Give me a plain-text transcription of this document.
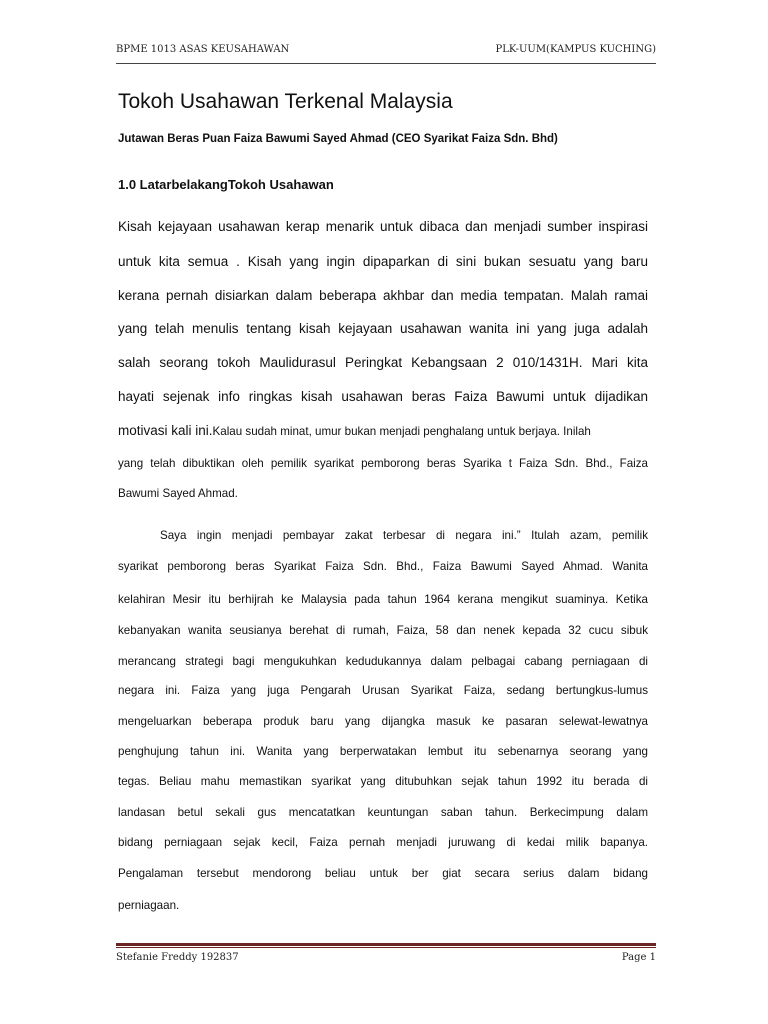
BPME 1013 ASAS KEUSAHAWAN	PLK-UUM(KAMPUS KUCHING)
Tokoh Usahawan Terkenal Malaysia
Jutawan Beras Puan Faiza Bawumi Sayed Ahmad (CEO Syarikat Faiza Sdn. Bhd)
1.0 LatarbelakangTokoh Usahawan
Kisah kejayaan usahawan kerap menarik untuk dibaca dan menjadi sumber inspirasi
untuk kita semua . Kisah yang ingin dipaparkan di sini bukan sesuatu yang baru
kerana pernah disiarkan dalam beberapa akhbar dan media tempatan. Malah ramai
yang telah menulis tentang kisah kejayaan usahawan wanita ini yang juga adalah
salah seorang tokoh Maulidurasul Peringkat Kebangsaan 2 010/1431H. Mari kita
hayati sejenak info ringkas kisah usahawan beras Faiza Bawumi untuk dijadikan
motivasi kali ini. Kalau sudah minat, umur bukan menjadi penghalang untuk berjaya. Inilah
yang telah dibuktikan oleh pemilik syarikat pemborong beras Syarika t Faiza Sdn. Bhd., Faiza
Bawumi Sayed Ahmad.
Saya ingin menjadi pembayar zakat terbesar di negara ini.” Itulah azam, pemilik
syarikat pemborong beras Syarikat Faiza Sdn. Bhd., Faiza Bawumi Sayed Ahmad. Wanita
kelahiran Mesir itu berhijrah ke Malaysia pada tahun 1964 kerana mengikut suaminya. Ketika
kebanyakan wanita seusianya berehat di rumah, Faiza, 58 dan nenek kepada 32 cucu sibuk
merancang strategi bagi mengukuhkan kedudukannya dalam pelbagai cabang perniagaan di
negara ini. Faiza yang juga Pengarah Urusan Syarikat Faiza, sedang bertungkus-lumus
mengeluarkan beberapa produk baru yang dijangka masuk ke pasaran selewat-lewatnya
penghujung tahun ini. Wanita yang berperwatakan lembut itu sebenarnya seorang yang
tegas. Beliau mahu memastikan syarikat yang ditubuhkan sejak tahun 1992 itu berada di
landasan betul sekali gus mencatatkan keuntungan saban tahun. Berkecimpung dalam
bidang perniagaan sejak kecil, Faiza pernah menjadi juruwang di kedai milik bapanya.
Pengalaman tersebut mendorong beliau untuk ber giat secara serius dalam bidang
perniagaan.
Stefanie Freddy 192837	Page 1
